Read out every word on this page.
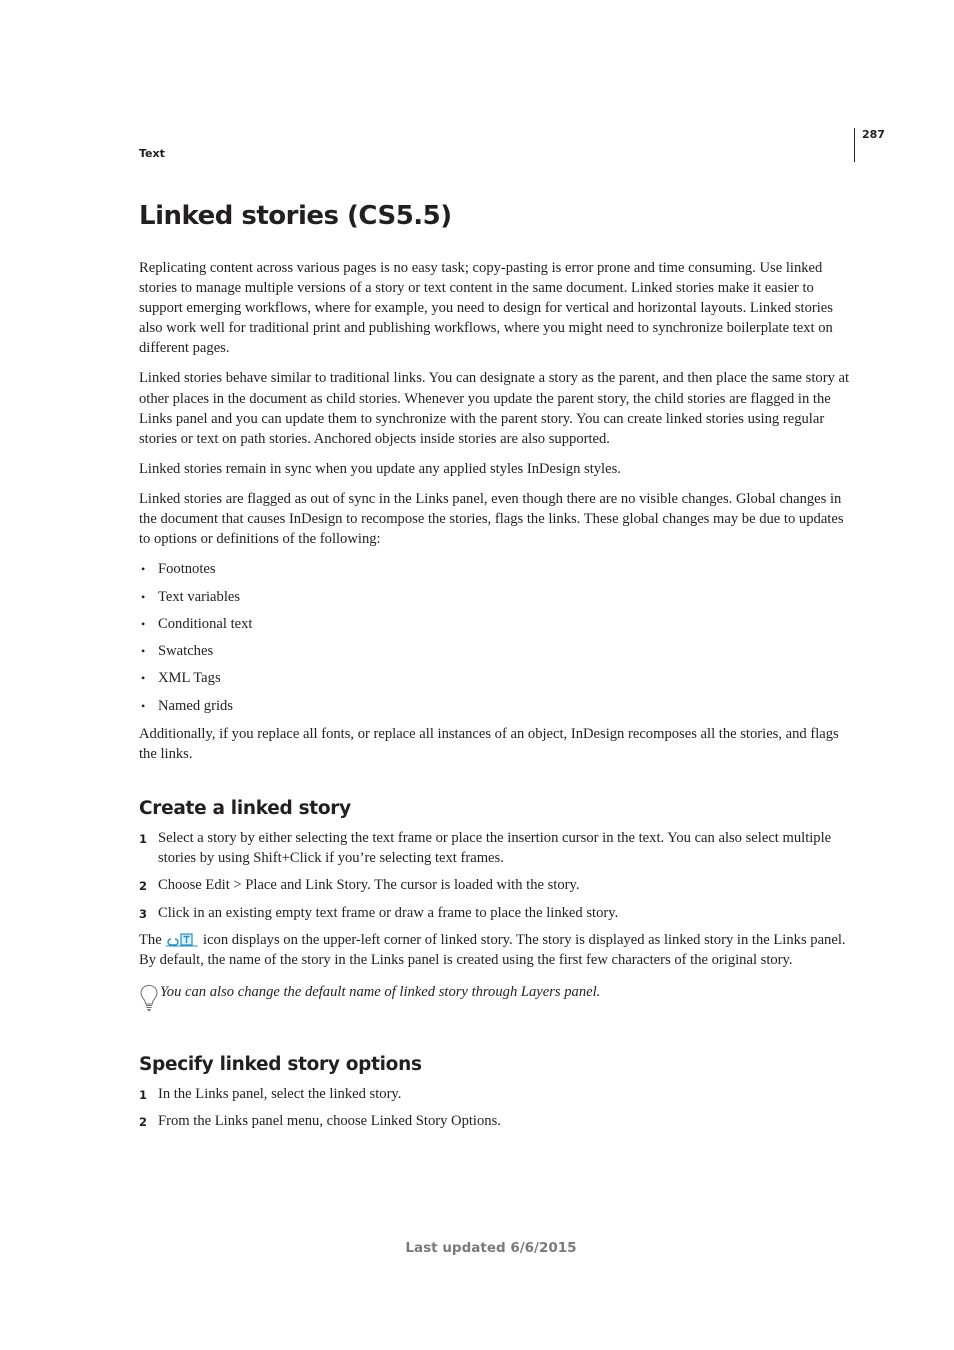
287
Text
Linked stories (CS5.5)

Replicating content across various pages is no easy task; copy-pasting is error prone and time consuming. Use linked stories to manage multiple versions of a story or text content in the same document. Linked stories make it easier to support emerging workflows, where for example, you need to design for vertical and horizontal layouts. Linked stories also work well for traditional print and publishing workflows, where you might need to synchronize boilerplate text on different pages.

Linked stories behave similar to traditional links. You can designate a story as the parent, and then place the same story at other places in the document as child stories. Whenever you update the parent story, the child stories are flagged in the Links panel and you can update them to synchronize with the parent story. You can create linked stories using regular stories or text on path stories. Anchored objects inside stories are also supported.

Linked stories remain in sync when you update any applied styles InDesign styles.

Linked stories are flagged as out of sync in the Links panel, even though there are no visible changes. Global changes in the document that causes InDesign to recompose the stories, flags the links. These global changes may be due to updates to options or definitions of the following:

• Footnotes
• Text variables
• Conditional text
• Swatches
• XML Tags
• Named grids

Additionally, if you replace all fonts, or replace all instances of an object, InDesign recomposes all the stories, and flags the links.

Create a linked story
1 Select a story by either selecting the text frame or place the insertion cursor in the text. You can also select multiple stories by using Shift+Click if you’re selecting text frames.
2 Choose Edit > Place and Link Story. The cursor is loaded with the story.
3 Click in an existing empty text frame or draw a frame to place the linked story.

The	icon displays on the upper-left corner of linked story. The story is displayed as linked story in the Links panel. By default, the name of the story in the Links panel is created using the first few characters of the original story.

You can also change the default name of linked story through Layers panel.

Specify linked story options
1 In the Links panel, select the linked story.
2 From the Links panel menu, choose Linked Story Options.
Last updated 6/6/2015
